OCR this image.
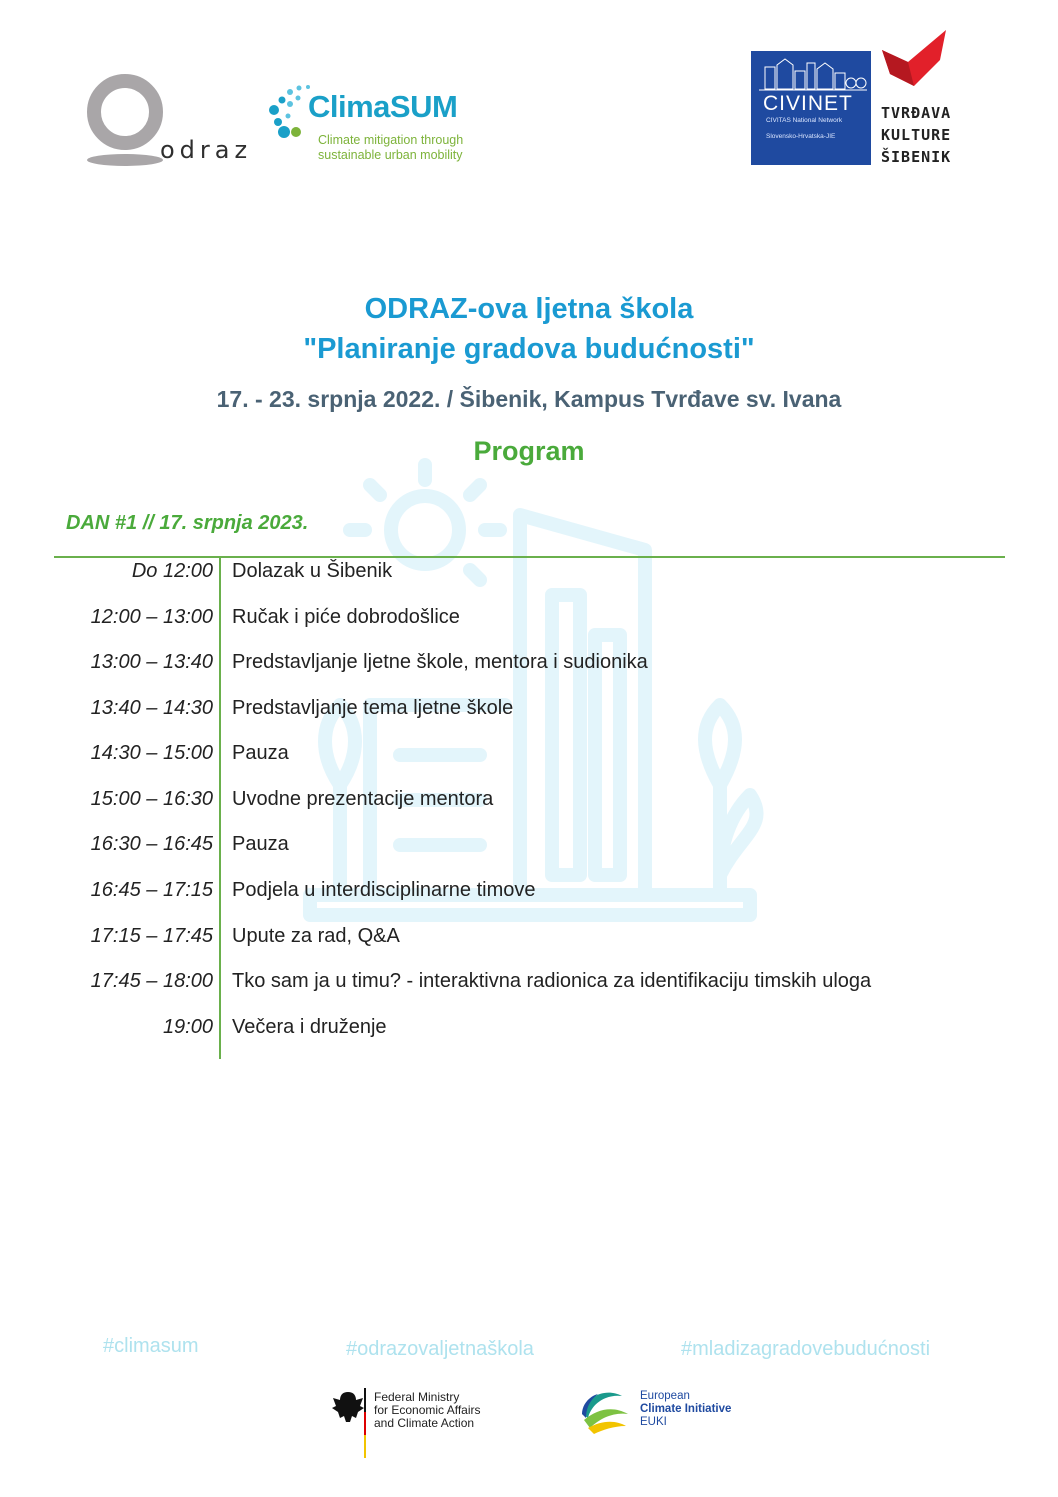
odraz
ClimaSUM
Climate mitigation through
sustainable urban mobility
CIVINET
CIVITAS National Network
Slovensko-Hrvatska-JIE
TVRĐAVA
KULTURE
ŠIBENIK
ODRAZ-ova ljetna škola
"Planiranje gradova budućnosti"
17. - 23. srpnja 2022. / Šibenik, Kampus Tvrđave sv. Ivana
Program
DAN #1 // 17. srpnja 2023.
Do 12:00 Dolazak u Šibenik
12:00 – 13:00 Ručak i piće dobrodošlice
13:00 – 13:40 Predstavljanje ljetne škole, mentora i sudionika
13:40 – 14:30 Predstavljanje tema ljetne škole
14:30 – 15:00 Pauza
15:00 – 16:30 Uvodne prezentacije mentora
16:30 – 16:45 Pauza
16:45 – 17:15 Podjela u interdisciplinarne timove
17:15 – 17:45 Upute za rad, Q&A
17:45 – 18:00 Tko sam ja u timu? - interaktivna radionica za identifikaciju timskih uloga
19:00 Večera i druženje
#climasum	#odrazovaljetnaškola	#mladizagradovebudućnosti
Federal Ministry
for Economic Affairs
and Climate Action
European
Climate Initiative
EUKI
